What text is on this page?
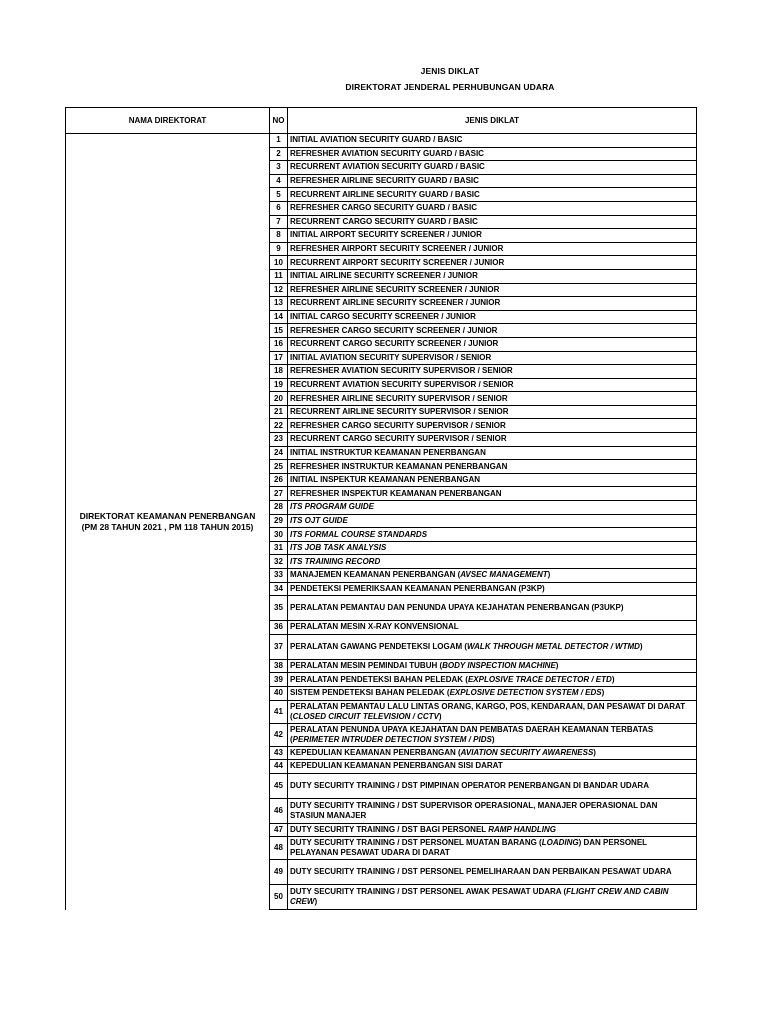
JENIS DIKLAT
DIREKTORAT JENDERAL PERHUBUNGAN UDARA
NAMA DIREKTORAT	NO	JENIS DIKLAT

DIREKTORAT KEAMANAN PENERBANGAN
(PM 28 TAHUN 2021 , PM 118 TAHUN 2015)	1	INITIAL AVIATION SECURITY GUARD / BASIC
	2	REFRESHER AVIATION SECURITY GUARD / BASIC
	3	RECURRENT AVIATION SECURITY GUARD / BASIC
	4	REFRESHER AIRLINE SECURITY GUARD / BASIC
	5	RECURRENT AIRLINE SECURITY GUARD / BASIC
	6	REFRESHER CARGO SECURITY GUARD / BASIC
	7	RECURRENT CARGO SECURITY GUARD / BASIC
	8	INITIAL AIRPORT SECURITY SCREENER / JUNIOR
	9	REFRESHER AIRPORT SECURITY SCREENER / JUNIOR
	10	RECURRENT AIRPORT SECURITY SCREENER / JUNIOR
	11	INITIAL AIRLINE SECURITY SCREENER / JUNIOR
	12	REFRESHER AIRLINE SECURITY SCREENER / JUNIOR
	13	RECURRENT AIRLINE SECURITY SCREENER / JUNIOR
	14	INITIAL CARGO SECURITY SCREENER / JUNIOR
	15	REFRESHER CARGO SECURITY SCREENER / JUNIOR
	16	RECURRENT CARGO SECURITY SCREENER / JUNIOR
	17	INITIAL AVIATION SECURITY SUPERVISOR / SENIOR
	18	REFRESHER AVIATION SECURITY SUPERVISOR / SENIOR
	19	RECURRENT AVIATION SECURITY SUPERVISOR / SENIOR
	20	REFRESHER AIRLINE SECURITY SUPERVISOR / SENIOR
	21	RECURRENT AIRLINE SECURITY SUPERVISOR / SENIOR
	22	REFRESHER CARGO SECURITY SUPERVISOR / SENIOR
	23	RECURRENT CARGO SECURITY SUPERVISOR / SENIOR
	24	INITIAL INSTRUKTUR KEAMANAN PENERBANGAN
	25	REFRESHER INSTRUKTUR KEAMANAN PENERBANGAN
	26	INITIAL INSPEKTUR KEAMANAN PENERBANGAN
	27	REFRESHER INSPEKTUR KEAMANAN PENERBANGAN
	28	ITS PROGRAM GUIDE
	29	ITS OJT GUIDE
	30	ITS FORMAL COURSE STANDARDS
	31	ITS JOB TASK ANALYSIS
	32	ITS TRAINING RECORD
	33	MANAJEMEN KEAMANAN PENERBANGAN (AVSEC MANAGEMENT)
	34	PENDETEKSI PEMERIKSAAN KEAMANAN PENERBANGAN (P3KP)
	35	PERALATAN PEMANTAU DAN PENUNDA UPAYA KEJAHATAN PENERBANGAN (P3UKP)
	36	PERALATAN MESIN X-RAY KONVENSIONAL
	37	PERALATAN GAWANG PENDETEKSI LOGAM (WALK THROUGH METAL DETECTOR / WTMD)
	38	PERALATAN MESIN PEMINDAI TUBUH (BODY INSPECTION MACHINE)
	39	PERALATAN PENDETEKSI BAHAN PELEDAK (EXPLOSIVE TRACE DETECTOR / ETD)
	40	SISTEM PENDETEKSI BAHAN PELEDAK (EXPLOSIVE DETECTION SYSTEM / EDS)
	41	PERALATAN PEMANTAU LALU LINTAS ORANG, KARGO, POS, KENDARAAN, DAN PESAWAT DI DARAT (CLOSED CIRCUIT TELEVISION / CCTV)
	42	PERALATAN PENUNDA UPAYA KEJAHATAN DAN PEMBATAS DAERAH KEAMANAN TERBATAS (PERIMETER INTRUDER DETECTION SYSTEM / PIDS)
	43	KEPEDULIAN KEAMANAN PENERBANGAN (AVIATION SECURITY AWARENESS)
	44	KEPEDULIAN KEAMANAN PENERBANGAN SISI DARAT
	45	DUTY SECURITY TRAINING / DST PIMPINAN OPERATOR PENERBANGAN DI BANDAR UDARA
	46	DUTY SECURITY TRAINING / DST SUPERVISOR OPERASIONAL, MANAJER OPERASIONAL DAN STASIUN MANAJER
	47	DUTY SECURITY TRAINING / DST BAGI PERSONEL RAMP HANDLING
	48	DUTY SECURITY TRAINING / DST PERSONEL MUATAN BARANG (LOADING) DAN PERSONEL PELAYANAN PESAWAT UDARA DI DARAT
	49	DUTY SECURITY TRAINING / DST PERSONEL PEMELIHARAAN DAN PERBAIKAN PESAWAT UDARA
	50	DUTY SECURITY TRAINING / DST PERSONEL AWAK PESAWAT UDARA (FLIGHT CREW AND CABIN CREW)
